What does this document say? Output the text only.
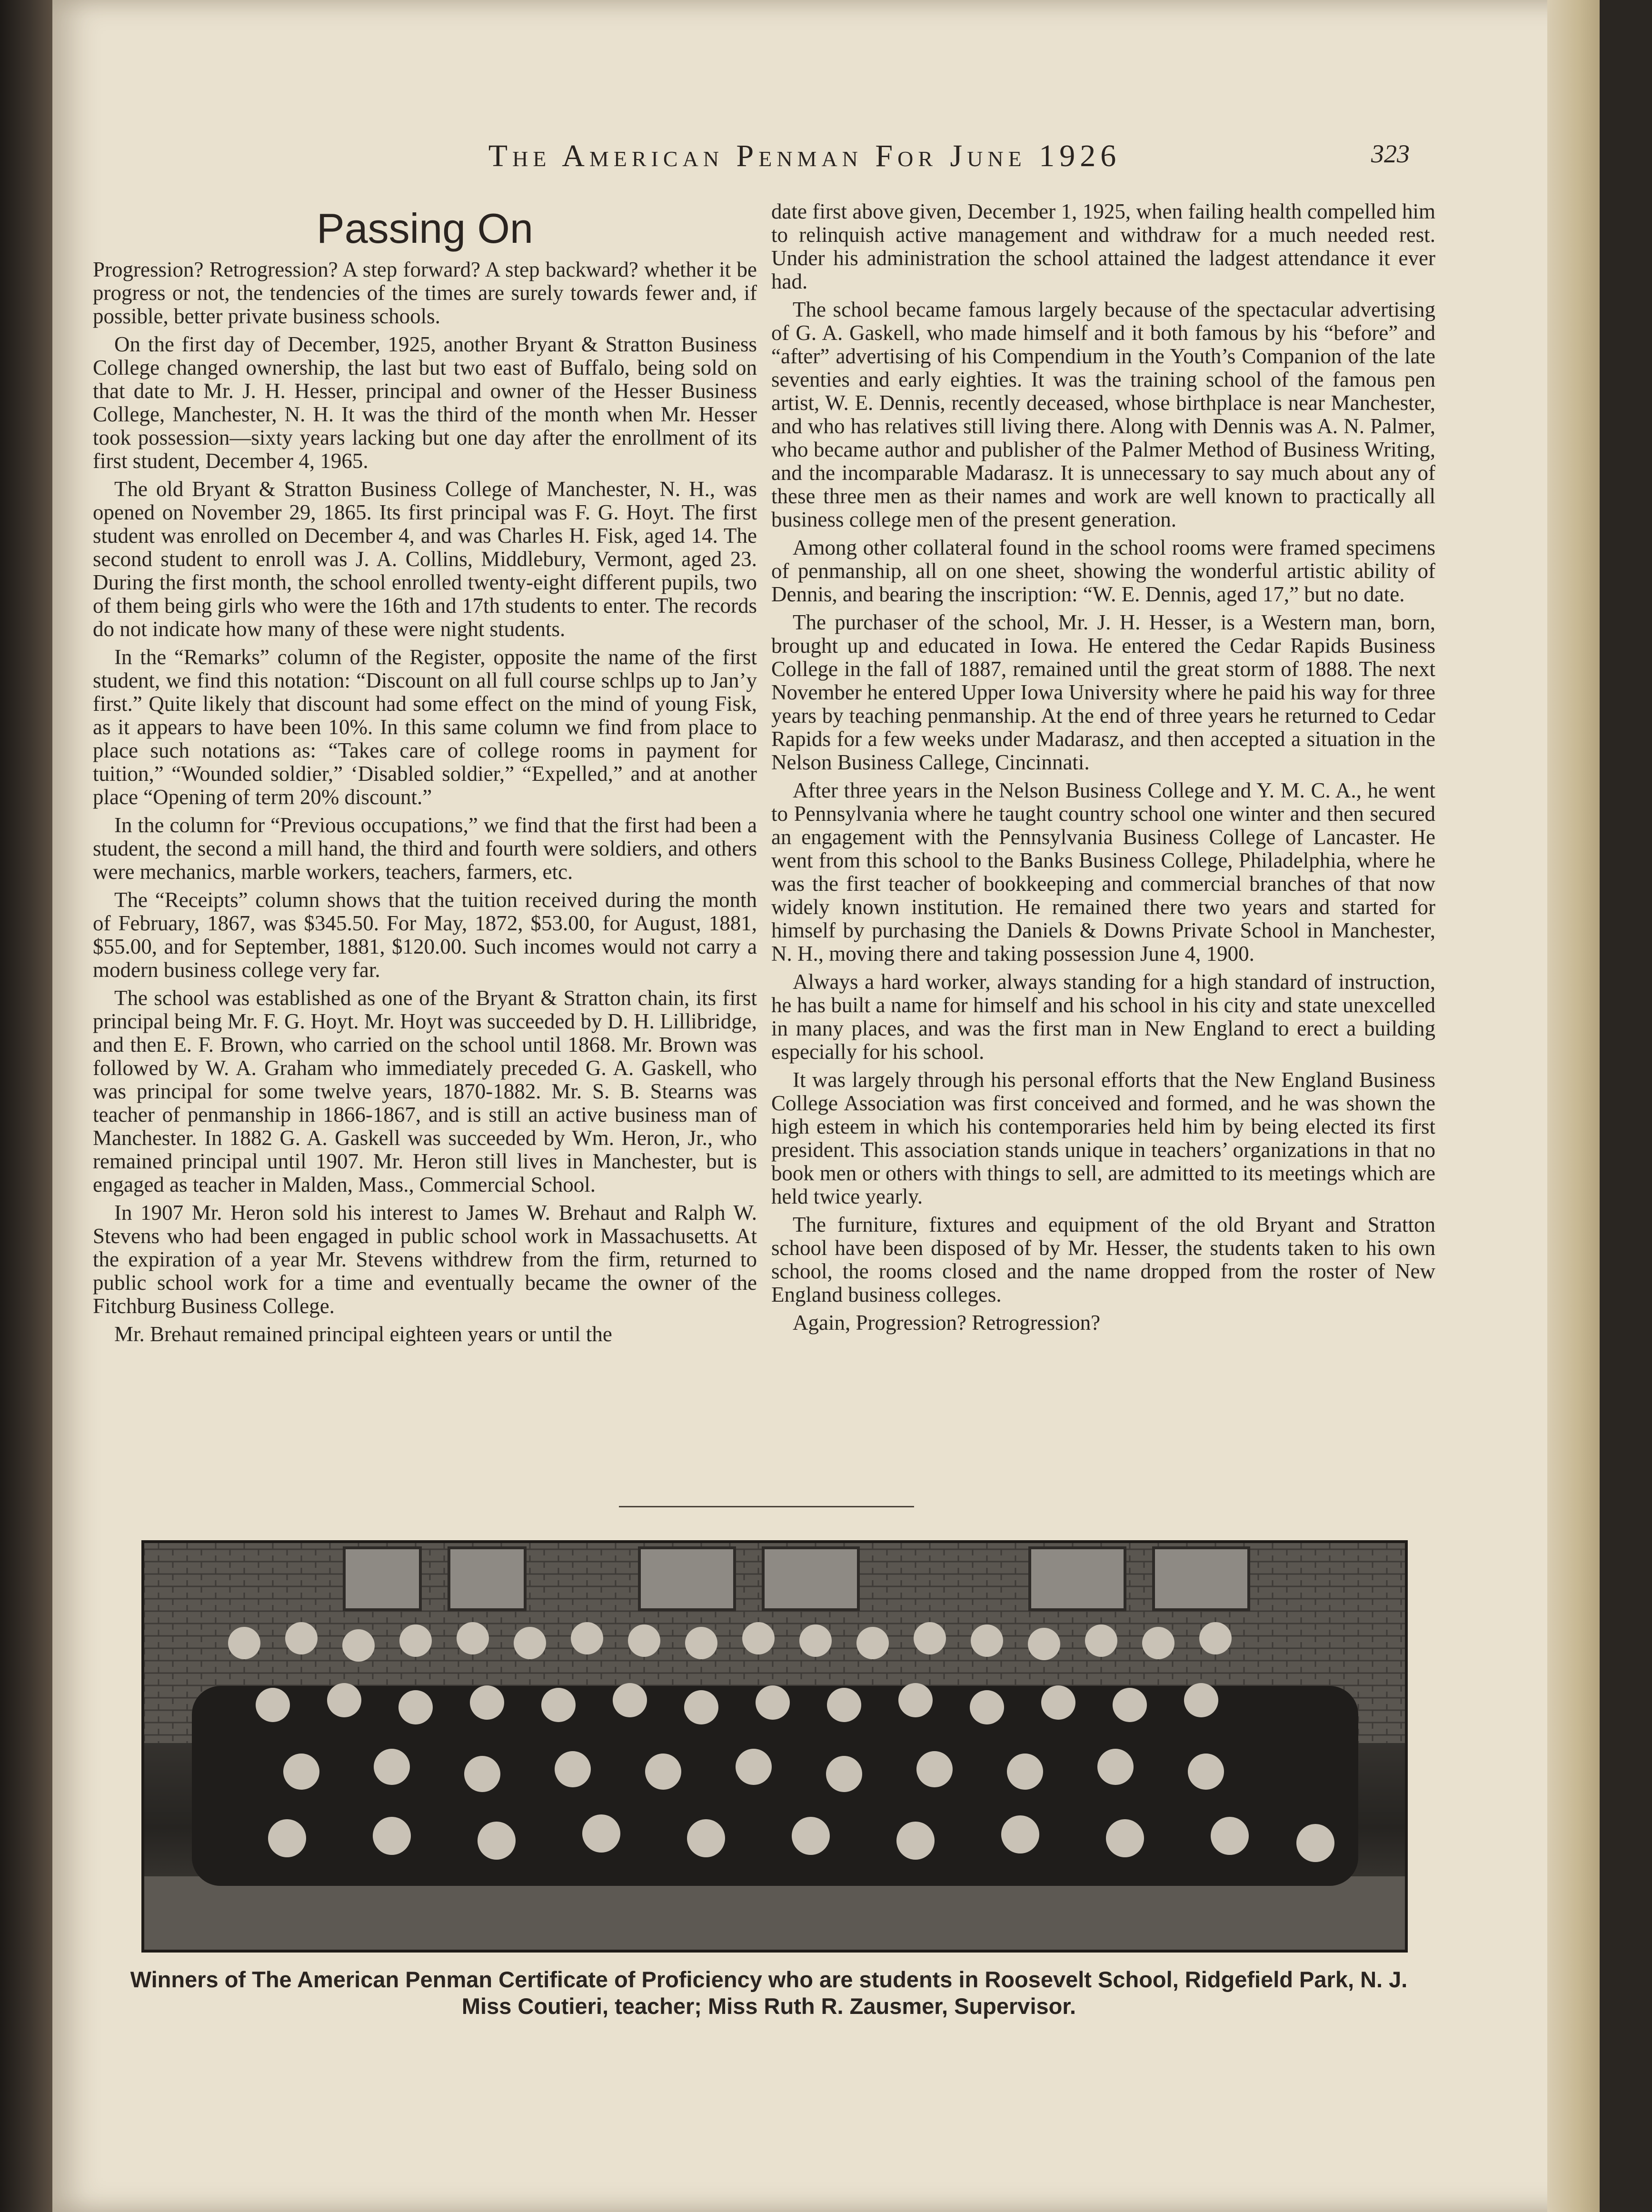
The American Penman For June 1926	323
Passing On

Progression? Retrogression? A step forward? A step backward? whether it be progress or not, the tendencies of the times are surely towards fewer and, if possible, better private business schools.

On the first day of December, 1925, another Bryant & Stratton Business College changed ownership, the last but two east of Buffalo, being sold on that date to Mr. J. H. Hesser, principal and owner of the Hesser Business College, Manchester, N. H. It was the third of the month when Mr. Hesser took possession—sixty years lacking but one day after the enrollment of its first student, December 4, 1965.

The old Bryant & Stratton Business College of Manchester, N. H., was opened on November 29, 1865. Its first principal was F. G. Hoyt. The first student was enrolled on December 4, and was Charles H. Fisk, aged 14. The second student to enroll was J. A. Collins, Middlebury, Vermont, aged 23. During the first month, the school enrolled twenty-eight different pupils, two of them being girls who were the 16th and 17th students to enter. The records do not indicate how many of these were night students.

In the “Remarks” column of the Register, opposite the name of the first student, we find this notation: “Discount on all full course schlps up to Jan’y first.” Quite likely that discount had some effect on the mind of young Fisk, as it appears to have been 10%. In this same column we find from place to place such notations as: “Takes care of college rooms in payment for tuition,” “Wounded soldier,” ‘Disabled soldier,” “Expelled,” and at another place “Opening of term 20% discount.”

In the column for “Previous occupations,” we find that the first had been a student, the second a mill hand, the third and fourth were soldiers, and others were mechanics, marble workers, teachers, farmers, etc.

The “Receipts” column shows that the tuition received during the month of February, 1867, was $345.50. For May, 1872, $53.00, for August, 1881, $55.00, and for September, 1881, $120.00. Such incomes would not carry a modern business college very far.

The school was established as one of the Bryant & Stratton chain, its first principal being Mr. F. G. Hoyt. Mr. Hoyt was succeeded by D. H. Lillibridge, and then E. F. Brown, who carried on the school until 1868. Mr. Brown was followed by W. A. Graham who immediately preceded G. A. Gaskell, who was principal for some twelve years, 1870-1882. Mr. S. B. Stearns was teacher of penmanship in 1866-1867, and is still an active business man of Manchester. In 1882 G. A. Gaskell was succeeded by Wm. Heron, Jr., who remained principal until 1907. Mr. Heron still lives in Manchester, but is engaged as teacher in Malden, Mass., Commercial School.

In 1907 Mr. Heron sold his interest to James W. Brehaut and Ralph W. Stevens who had been engaged in public school work in Massachusetts. At the expiration of a year Mr. Stevens withdrew from the firm, returned to public school work for a time and eventually became the owner of the Fitchburg Business College.

Mr. Brehaut remained principal eighteen years or until the

date first above given, December 1, 1925, when failing health compelled him to relinquish active management and withdraw for a much needed rest. Under his administration the school attained the ladgest attendance it ever had.

The school became famous largely because of the spectacular advertising of G. A. Gaskell, who made himself and it both famous by his “before” and “after” advertising of his Compendium in the Youth’s Companion of the late seventies and early eighties. It was the training school of the famous pen artist, W. E. Dennis, recently deceased, whose birthplace is near Manchester, and who has relatives still living there. Along with Dennis was A. N. Palmer, who became author and publisher of the Palmer Method of Business Writing, and the incomparable Madarasz. It is unnecessary to say much about any of these three men as their names and work are well known to practically all business college men of the present generation.

Among other collateral found in the school rooms were framed specimens of penmanship, all on one sheet, showing the wonderful artistic ability of Dennis, and bearing the inscription: “W. E. Dennis, aged 17,” but no date.

The purchaser of the school, Mr. J. H. Hesser, is a Western man, born, brought up and educated in Iowa. He entered the Cedar Rapids Business College in the fall of 1887, remained until the great storm of 1888. The next November he entered Upper Iowa University where he paid his way for three years by teaching penmanship. At the end of three years he returned to Cedar Rapids for a few weeks under Madarasz, and then accepted a situation in the Nelson Business Callege, Cincinnati.

After three years in the Nelson Business College and Y. M. C. A., he went to Pennsylvania where he taught country school one winter and then secured an engagement with the Pennsylvania Business College of Lancaster. He went from this school to the Banks Business College, Philadelphia, where he was the first teacher of bookkeeping and commercial branches of that now widely known institution. He remained there two years and started for himself by purchasing the Daniels & Downs Private School in Manchester, N. H., moving there and taking possession June 4, 1900.

Always a hard worker, always standing for a high standard of instruction, he has built a name for himself and his school in his city and state unexcelled in many places, and was the first man in New England to erect a building especially for his school.

It was largely through his personal efforts that the New England Business College Association was first conceived and formed, and he was shown the high esteem in which his contemporaries held him by being elected its first president. This association stands unique in teachers’ organizations in that no book men or others with things to sell, are admitted to its meetings which are held twice yearly.

The furniture, fixtures and equipment of the old Bryant and Stratton school have been disposed of by Mr. Hesser, the students taken to his own school, the rooms closed and the name dropped from the roster of New England business colleges.

Again, Progression? Retrogression?

Winners of The American Penman Certificate of Proficiency who are students in Roosevelt School, Ridgefield Park, N. J. Miss Coutieri, teacher; Miss Ruth R. Zausmer, Supervisor.
